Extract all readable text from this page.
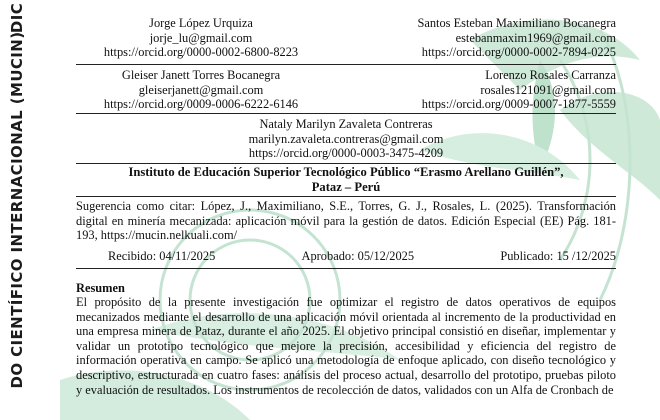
DIC
DO CIENTÍFICO INTERNACIONAL (MUCIN)
Jorge López Urquiza
jorje_lu@gmail.com
https://orcid.org/0000-0002-6800-8223
Santos Esteban Maximiliano Bocanegra
estebanmaxim1969@gmail.com
https://orcid.org/0000-0002-7894-0225
Gleiser Janett Torres Bocanegra
gleiserjanett@gmail.com
https://orcid.org/0009-0006-6222-6146
Lorenzo Rosales Carranza
rosales121091@gmail.com
https://orcid.org/0009-0007-1877-5559
Nataly Marilyn Zavaleta Contreras
marilyn.zavaleta.contreras@gmail.com
https://orcid.org/0000-0003-3475-4209
Instituto de Educación Superior Tecnológico Público “Erasmo Arellano Guillén”,
Pataz – Perú
Sugerencia como citar: López, J., Maximiliano, S.E., Torres, G. J., Rosales, L. (2025). Transformación digital en minería mecanizada: aplicación móvil para la gestión de datos. Edición Especial (EE) Pág. 181-193, https://mucin.nelkuali.com/
Recibido: 04/11/2025	Aprobado: 05/12/2025	Publicado: 15 /12/2025
Resumen
El propósito de la presente investigación fue optimizar el registro de datos operativos de equipos mecanizados mediante el desarrollo de una aplicación móvil orientada al incremento de la productividad en una empresa minera de Pataz, durante el año 2025. El objetivo principal consistió en diseñar, implementar y validar un prototipo tecnológico que mejore la precisión, accesibilidad y eficiencia del registro de información operativa en campo. Se aplicó una metodología de enfoque aplicado, con diseño tecnológico y descriptivo, estructurada en cuatro fases: análisis del proceso actual, desarrollo del prototipo, pruebas piloto y evaluación de resultados. Los instrumentos de recolección de datos, validados con un Alfa de Cronbach de
